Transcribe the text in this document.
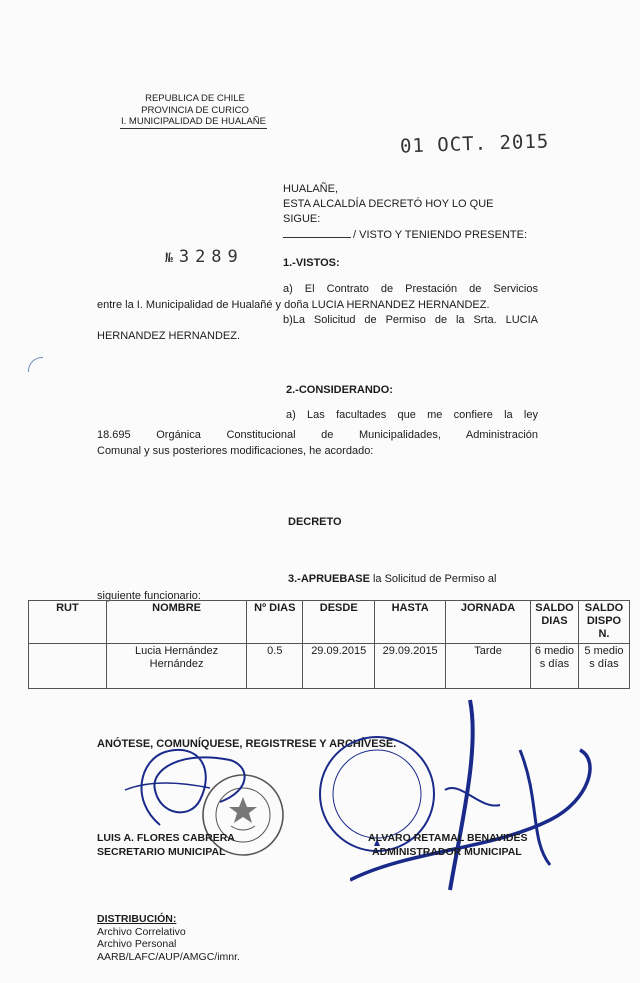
REPUBLICA DE CHILE
PROVINCIA DE CURICO
I. MUNICIPALIDAD DE HUALAÑE
01 OCT. 2015
№ 3289
HUALAÑE,
ESTA ALCALDÍA DECRETÓ HOY LO QUE
SIGUE:
/ VISTO Y TENIENDO PRESENTE:
1.-VISTOS:
a) El Contrato de Prestación de Servicios
entre la I. Municipalidad de Hualañé y doña LUCIA HERNANDEZ HERNANDEZ.
b)La Solicitud de Permiso de la Srta. LUCIA
HERNANDEZ HERNANDEZ.
2.-CONSIDERANDO:
a) Las facultades que me confiere la ley
18.695 Orgánica Constitucional de Municipalidades, Administración
Comunal y sus posteriores modificaciones, he acordado:
DECRETO
3.-APRUEBASE la Solicitud de Permiso al
siguiente funcionario:
RUT	NOMBRE	Nº DIAS	DESDE	HASTA	JORNADA	SALDO DIAS	SALDO DISPO N.
	Lucia Hernández Hernández	0.5	29.09.2015	29.09.2015	Tarde	6 medio s días	5 medio s días
ANÓTESE, COMUNÍQUESE, REGISTRESE Y ARCHÍVESE.
LUIS A. FLORES CABRERA
SECRETARIO MUNICIPAL
ALVARO RETAMAL BENAVIDES
ADMINISTRADOR MUNICIPAL
DISTRIBUCIÓN:
Archivo Correlativo
Archivo Personal
AARB/LAFC/AUP/AMGC/imnr.
